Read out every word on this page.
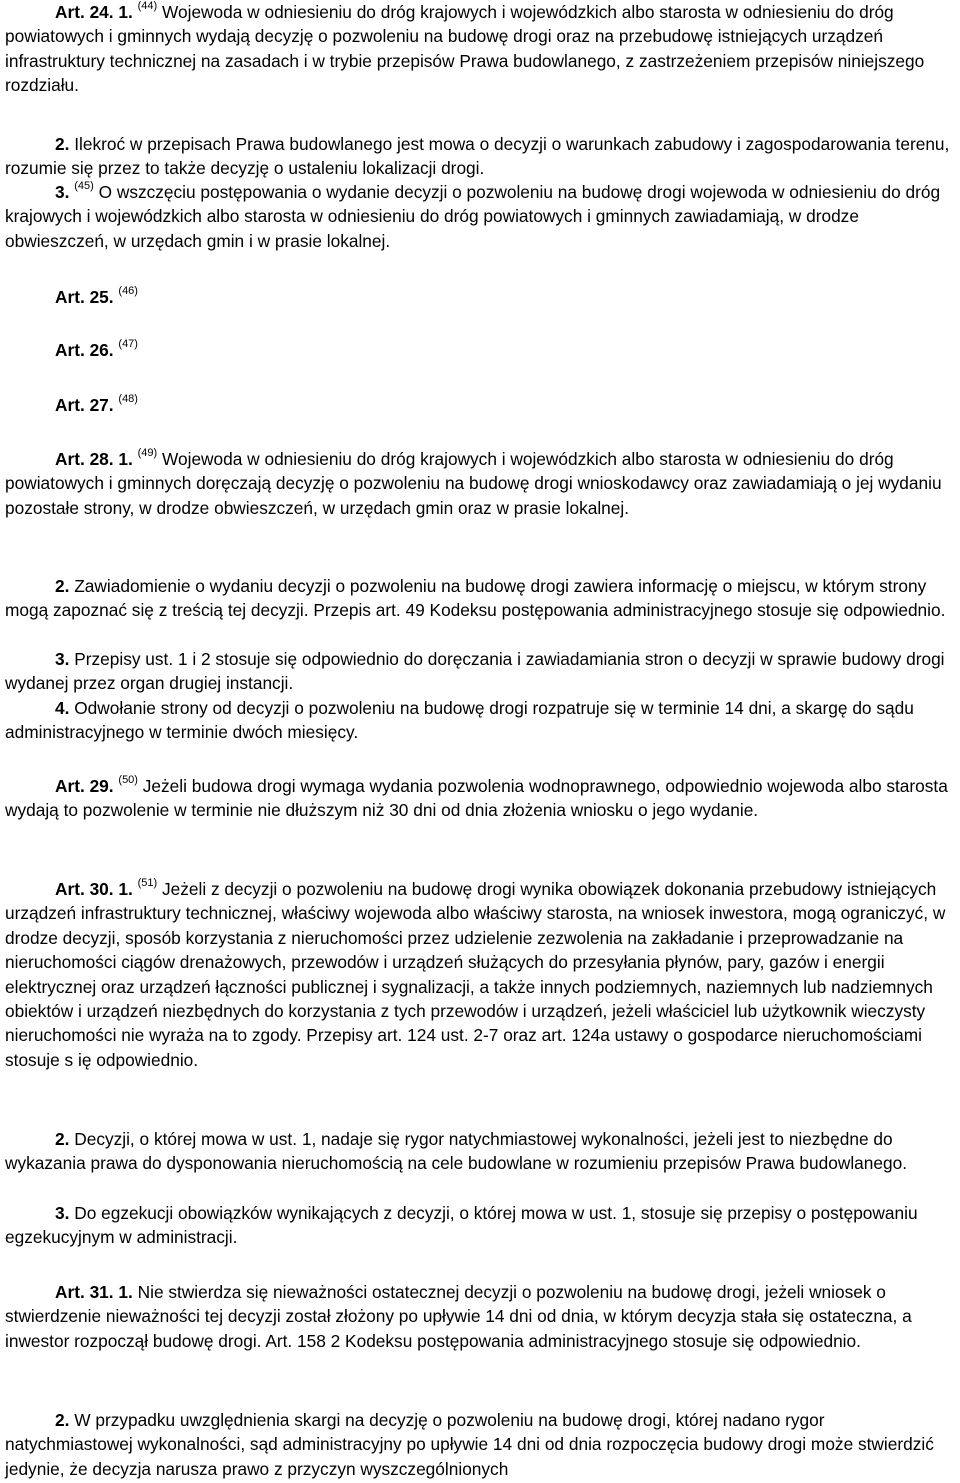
Art. 24. 1. $^{(44)}$ Wojewoda w odniesieniu do dróg krajowych i wojewódzkich albo starosta w odniesieniu do dróg powiatowych i gminnych wydają decyzję o pozwoleniu na budowę drogi oraz na przebudowę istniejących urządzeń infrastruktury technicznej na zasadach i w trybie przepisów Prawa budowlanego, z zastrzeżeniem przepisów niniejszego rozdziału.
2. Ilekroć w przepisach Prawa budowlanego jest mowa o decyzji o warunkach zabudowy i zagospodarowania terenu, rozumie się przez to także decyzję o ustaleniu lokalizacji drogi.
3. $^{(45)}$ O wszczęciu postępowania o wydanie decyzji o pozwoleniu na budowę drogi wojewoda w odniesieniu do dróg krajowych i wojewódzkich albo starosta w odniesieniu do dróg powiatowych i gminnych zawiadamiają, w drodze obwieszczeń, w urzędach gmin i w prasie lokalnej.
Art. 25. $^{(46)}$
Art. 26. $^{(47)}$
Art. 27. $^{(48)}$
Art. 28. 1. $^{(49)}$ Wojewoda w odniesieniu do dróg krajowych i wojewódzkich albo starosta w odniesieniu do dróg powiatowych i gminnych doręczają decyzję o pozwoleniu na budowę drogi wnioskodawcy oraz zawiadamiają o jej wydaniu pozostałe strony, w drodze obwieszczeń, w urzędach gmin oraz w prasie lokalnej.
2. Zawiadomienie o wydaniu decyzji o pozwoleniu na budowę drogi zawiera informację o miejscu, w którym strony mogą zapoznać się z treścią tej decyzji. Przepis art. 49 Kodeksu postępowania administracyjnego stosuje się odpowiednio.
3. Przepisy ust. 1 i 2 stosuje się odpowiednio do doręczania i zawiadamiania stron o decyzji w sprawie budowy drogi wydanej przez organ drugiej instancji.
4. Odwołanie strony od decyzji o pozwoleniu na budowę drogi rozpatruje się w terminie 14 dni, a skargę do sądu administracyjnego w terminie dwóch miesięcy.
Art. 29. $^{(50)}$ Jeżeli budowa drogi wymaga wydania pozwolenia wodnoprawnego, odpowiednio wojewoda albo starosta wydają to pozwolenie w terminie nie dłuższym niż 30 dni od dnia złożenia wniosku o jego wydanie.
Art. 30. 1. $^{(51)}$ Jeżeli z decyzji o pozwoleniu na budowę drogi wynika obowiązek dokonania przebudowy istniejących urządzeń infrastruktury technicznej, właściwy wojewoda albo właściwy starosta, na wniosek inwestora, mogą ograniczyć, w drodze decyzji, sposób korzystania z nieruchomości przez udzielenie zezwolenia na zakładanie i przeprowadzanie na nieruchomości ciągów drenażowych, przewodów i urządzeń służących do przesyłania płynów, pary, gazów i energii elektrycznej oraz urządzeń łączności publicznej i sygnalizacji, a także innych podziemnych, naziemnych lub nadziemnych obiektów i urządzeń niezbędnych do korzystania z tych przewodów i urządzeń, jeżeli właściciel lub użytkownik wieczysty nieruchomości nie wyraża na to zgody. Przepisy art. 124 ust. 2-7 oraz art. 124a ustawy o gospodarce nieruchomościami stosuje s ię odpowiednio.
2. Decyzji, o której mowa w ust. 1, nadaje się rygor natychmiastowej wykonalności, jeżeli jest to niezbędne do wykazania prawa do dysponowania nieruchomością na cele budowlane w rozumieniu przepisów Prawa budowlanego.
3. Do egzekucji obowiązków wynikających z decyzji, o której mowa w ust. 1, stosuje się przepisy o postępowaniu egzekucyjnym w administracji.
Art. 31. 1. Nie stwierdza się nieważności ostatecznej decyzji o pozwoleniu na budowę drogi, jeżeli wniosek o stwierdzenie nieważności tej decyzji został złożony po upływie 14 dni od dnia, w którym decyzja stała się ostateczna, a inwestor rozpoczął budowę drogi. Art. 158 2 Kodeksu postępowania administracyjnego stosuje się odpowiednio.
2. W przypadku uwzględnienia skargi na decyzję o pozwoleniu na budowę drogi, której nadano rygor natychmiastowej wykonalności, sąd administracyjny po upływie 14 dni od dnia rozpoczęcia budowy drogi może stwierdzić jedynie, że decyzja narusza prawo z przyczyn wyszczególnionych
